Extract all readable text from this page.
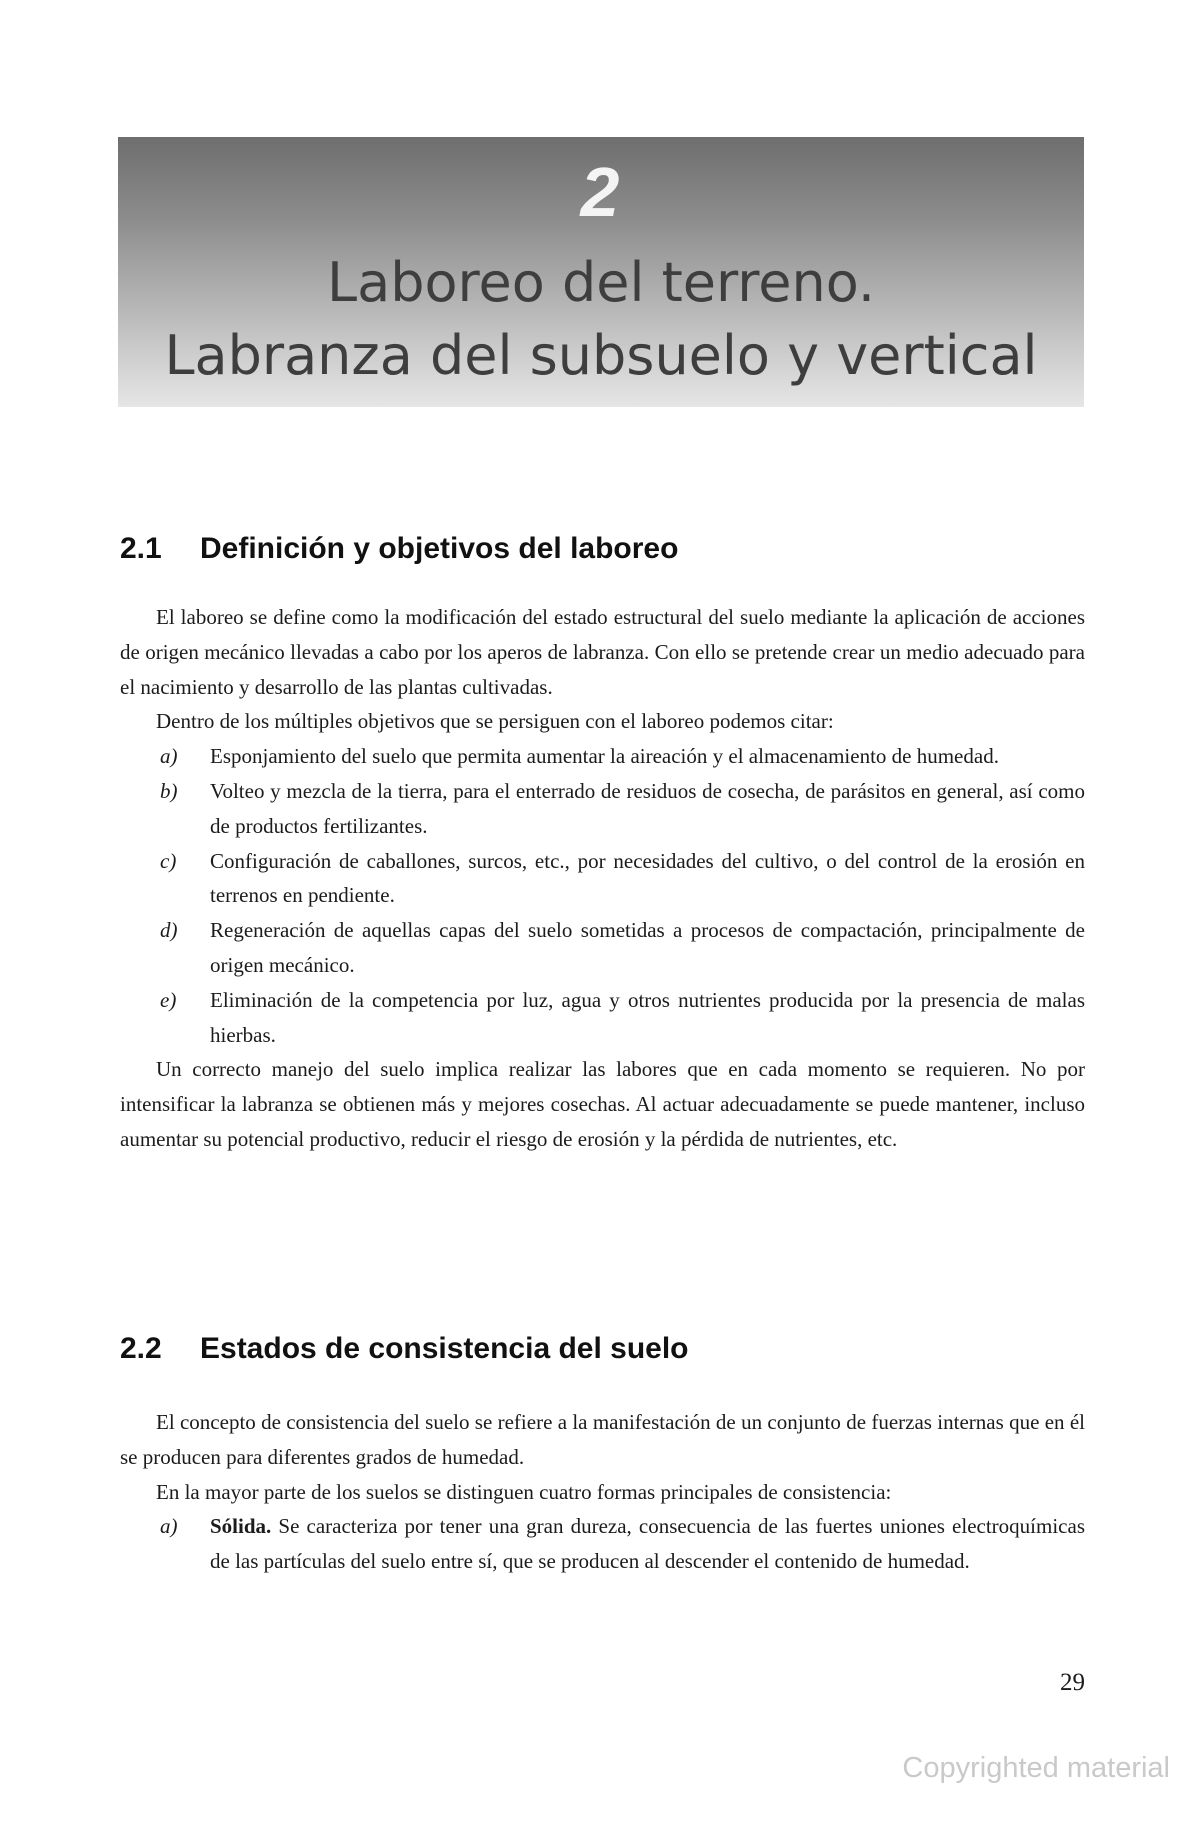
2
Laboreo del terreno.
Labranza del subsuelo y vertical
2.1 Definición y objetivos del laboreo

El laboreo se define como la modificación del estado estructural del suelo mediante la aplicación de acciones de origen mecánico llevadas a cabo por los aperos de labranza. Con ello se pretende crear un medio adecuado para el nacimiento y desarrollo de las plantas cultivadas.

Dentro de los múltiples objetivos que se persiguen con el laboreo podemos citar:

a) Esponjamiento del suelo que permita aumentar la aireación y el almacenamiento de humedad.
b) Volteo y mezcla de la tierra, para el enterrado de residuos de cosecha, de parásitos en general, así como de productos fertilizantes.
c) Configuración de caballones, surcos, etc., por necesidades del cultivo, o del control de la erosión en terrenos en pendiente.
d) Regeneración de aquellas capas del suelo sometidas a procesos de compactación, principalmente de origen mecánico.
e) Eliminación de la competencia por luz, agua y otros nutrientes producida por la presencia de malas hierbas.

Un correcto manejo del suelo implica realizar las labores que en cada momento se requieren. No por intensificar la labranza se obtienen más y mejores cosechas. Al actuar adecuadamente se puede mantener, incluso aumentar su potencial productivo, reducir el riesgo de erosión y la pérdida de nutrientes, etc.

2.2 Estados de consistencia del suelo

El concepto de consistencia del suelo se refiere a la manifestación de un conjunto de fuerzas internas que en él se producen para diferentes grados de humedad.

En la mayor parte de los suelos se distinguen cuatro formas principales de consistencia:

a) Sólida. Se caracteriza por tener una gran dureza, consecuencia de las fuertes uniones electroquímicas de las partículas del suelo entre sí, que se producen al descender el contenido de humedad.
29
Copyrighted material
